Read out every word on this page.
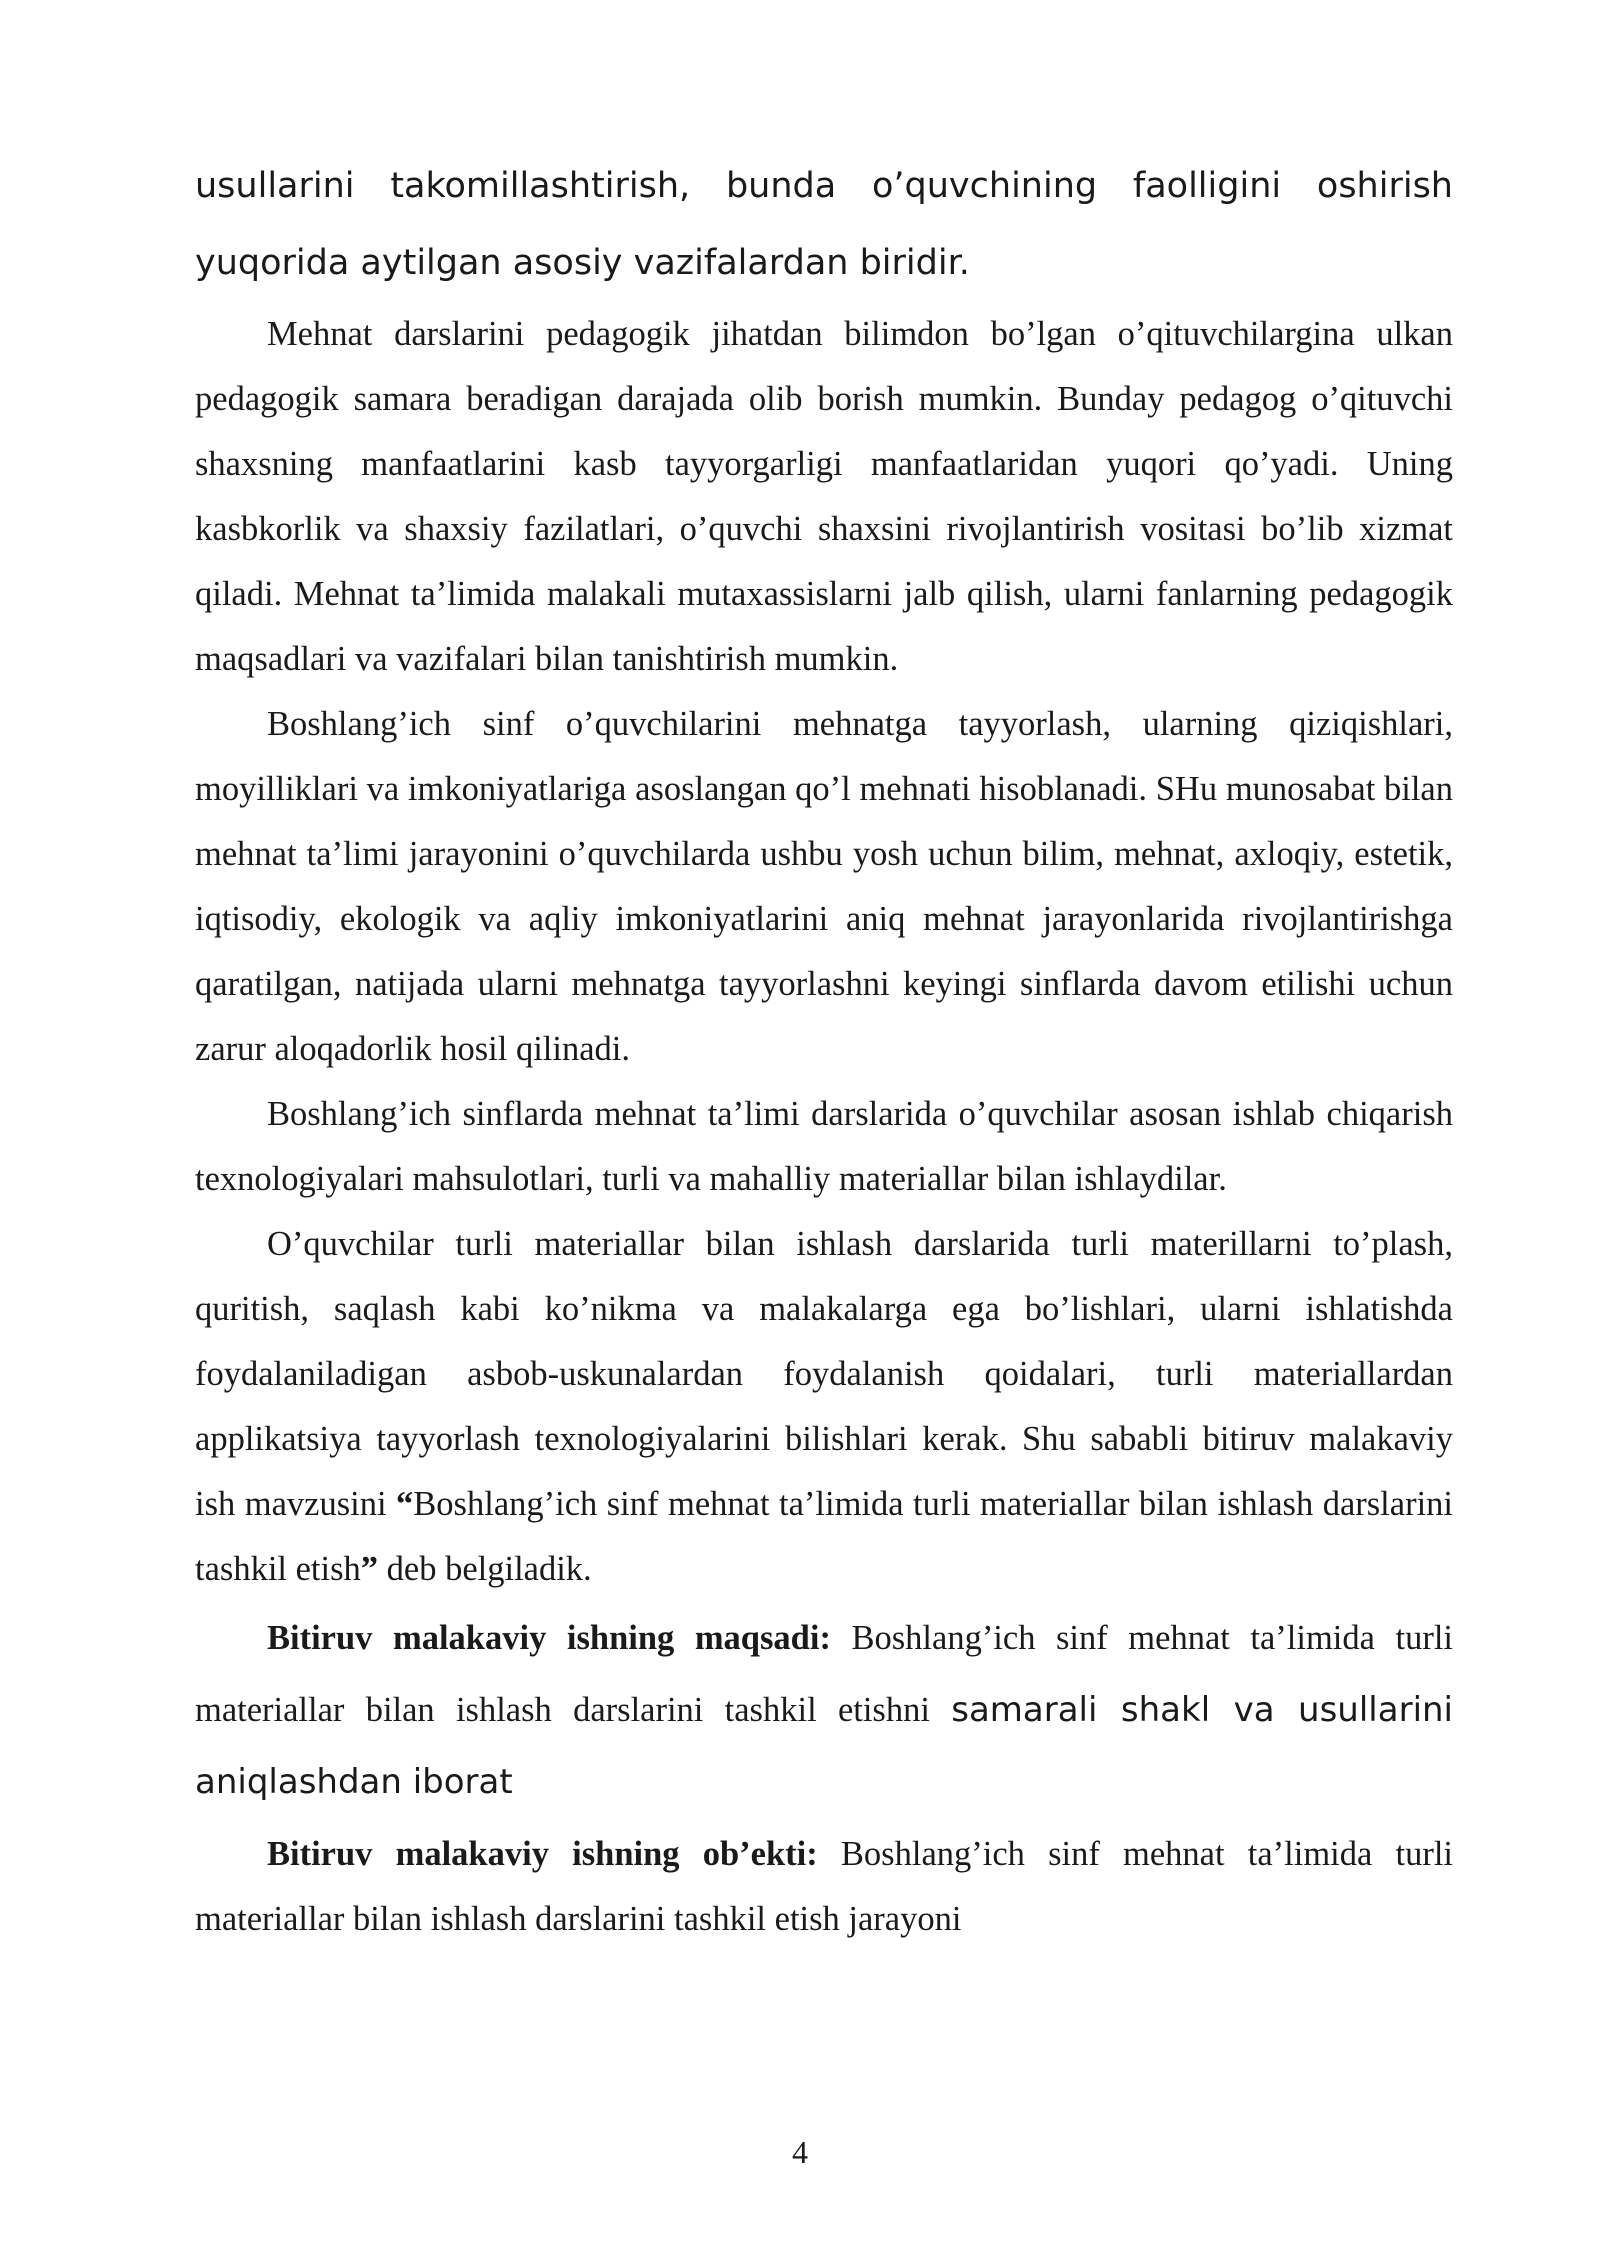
usullarini takomillashtirish, bunda o’quvchining faolligini oshirish yuqorida aytilgan asosiy vazifalardan biridir.

Mehnat darslarini pedagogik jihatdan bilimdon bo’lgan o’qituvchilargina ulkan pedagogik samara beradigan darajada olib borish mumkin. Bunday pedagog o’qituvchi shaxsning manfaatlarini kasb tayyorgarligi manfaatlaridan yuqori qo’yadi. Uning kasbkorlik va shaxsiy fazilatlari, o’quvchi shaxsini rivojlantirish vositasi bo’lib xizmat qiladi. Mehnat ta’limida malakali mutaxassislarni jalb qilish, ularni fanlarning pedagogik maqsadlari va vazifalari bilan tanishtirish mumkin.

Boshlang’ich sinf o’quvchilarini mehnatga tayyorlash, ularning qiziqishlari, moyilliklari va imkoniyatlariga asoslangan qo’l mehnati hisoblanadi. SHu munosabat bilan mehnat ta’limi jarayonini o’quvchilarda ushbu yosh uchun bilim, mehnat, axloqiy, estetik, iqtisodiy, ekologik va aqliy imkoniyatlarini aniq mehnat jarayonlarida rivojlantirishga qaratilgan, natijada ularni mehnatga tayyorlashni keyingi sinflarda davom etilishi uchun zarur aloqadorlik hosil qilinadi.

Boshlang’ich sinflarda mehnat ta’limi darslarida o’quvchilar asosan ishlab chiqarish texnologiyalari mahsulotlari, turli va mahalliy materiallar bilan ishlaydilar.

O’quvchilar turli materiallar bilan ishlash darslarida turli materillarni to’plash, quritish, saqlash kabi ko’nikma va malakalarga ega bo’lishlari, ularni ishlatishda foydalaniladigan asbob-uskunalardan foydalanish qoidalari, turli materiallardan applikatsiya tayyorlash texnologiyalarini bilishlari kerak. Shu sababli bitiruv malakaviy ish mavzusini “Boshlang’ich sinf mehnat ta’limida turli materiallar bilan ishlash darslarini tashkil etish” deb belgiladik.

Bitiruv malakaviy ishning maqsadi: Boshlang’ich sinf mehnat ta’limida turli materiallar bilan ishlash darslarini tashkil etishni samarali shakl va usullarini aniqlashdan iborat

Bitiruv malakaviy ishning ob’ekti: Boshlang’ich sinf mehnat ta’limida turli materiallar bilan ishlash darslarini tashkil etish jarayoni

4
